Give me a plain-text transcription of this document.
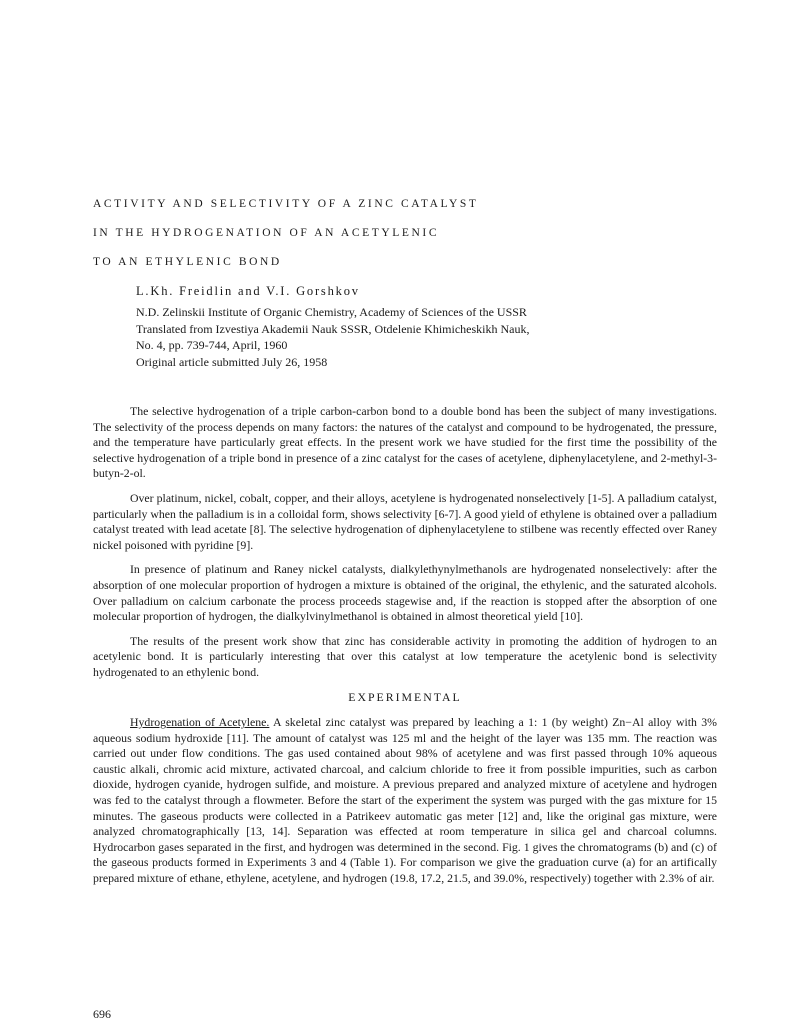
ACTIVITY AND SELECTIVITY OF A ZINC CATALYST
IN THE HYDROGENATION OF AN ACETYLENIC
TO AN ETHYLENIC BOND
L.Kh. Freidlin and V.I. Gorshkov
N.D. Zelinskii Institute of Organic Chemistry, Academy of Sciences of the USSR
Translated from Izvestiya Akademii Nauk SSSR, Otdelenie Khimicheskikh Nauk,
No. 4, pp. 739-744, April, 1960
Original article submitted July 26, 1958

The selective hydrogenation of a triple carbon-carbon bond to a double bond has been the subject of many investigations. The selectivity of the process depends on many factors: the natures of the catalyst and compound to be hydrogenated, the pressure, and the temperature have particularly great effects. In the present work we have studied for the first time the possibility of the selective hydrogenation of a triple bond in presence of a zinc catalyst for the cases of acetylene, diphenylacetylene, and 2-methyl-3-butyn-2-ol.

Over platinum, nickel, cobalt, copper, and their alloys, acetylene is hydrogenated nonselectively [1-5]. A palladium catalyst, particularly when the palladium is in a colloidal form, shows selectivity [6-7]. A good yield of ethylene is obtained over a palladium catalyst treated with lead acetate [8]. The selective hydrogenation of diphenylacetylene to stilbene was recently effected over Raney nickel poisoned with pyridine [9].

In presence of platinum and Raney nickel catalysts, dialkylethynylmethanols are hydrogenated nonselectively: after the absorption of one molecular proportion of hydrogen a mixture is obtained of the original, the ethylenic, and the saturated alcohols. Over palladium on calcium carbonate the process proceeds stagewise and, if the reaction is stopped after the absorption of one molecular proportion of hydrogen, the dialkylvinylmethanol is obtained in almost theoretical yield [10].

The results of the present work show that zinc has considerable activity in promoting the addition of hydrogen to an acetylenic bond. It is particularly interesting that over this catalyst at low temperature the acetylenic bond is selectivity hydrogenated to an ethylenic bond.

EXPERIMENTAL

Hydrogenation of Acetylene. A skeletal zinc catalyst was prepared by leaching a 1: 1 (by weight) Zn−Al alloy with 3% aqueous sodium hydroxide [11]. The amount of catalyst was 125 ml and the height of the layer was 135 mm. The reaction was carried out under flow conditions. The gas used contained about 98% of acetylene and was first passed through 10% aqueous caustic alkali, chromic acid mixture, activated charcoal, and calcium chloride to free it from possible impurities, such as carbon dioxide, hydrogen cyanide, hydrogen sulfide, and moisture. A previous prepared and analyzed mixture of acetylene and hydrogen was fed to the catalyst through a flowmeter. Before the start of the experiment the system was purged with the gas mixture for 15 minutes. The gaseous products were collected in a Patrikeev automatic gas meter [12] and, like the original gas mixture, were analyzed chromatographically [13, 14]. Separation was effected at room temperature in silica gel and charcoal columns. Hydrocarbon gases separated in the first, and hydrogen was determined in the second. Fig. 1 gives the chromatograms (b) and (c) of the gaseous products formed in Experiments 3 and 4 (Table 1). For comparison we give the graduation curve (a) for an artifically prepared mixture of ethane, ethylene, acetylene, and hydrogen (19.8, 17.2, 21.5, and 39.0%, respectively) together with 2.3% of air.

696
